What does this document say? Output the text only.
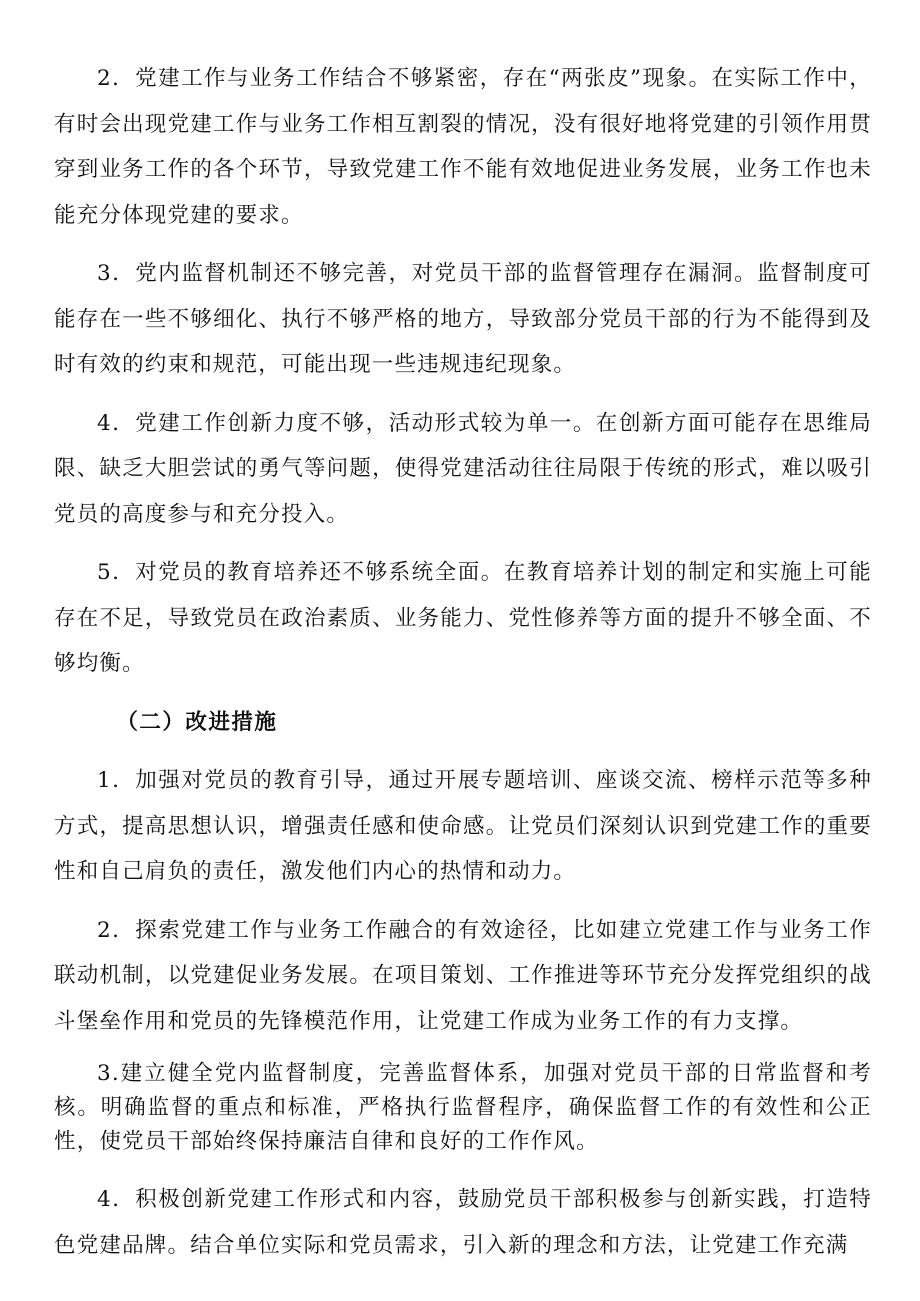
2．党建工作与业务工作结合不够紧密，存在“两张皮”现象。在实际工作中，有时会出现党建工作与业务工作相互割裂的情况，没有很好地将党建的引领作用贯穿到业务工作的各个环节，导致党建工作不能有效地促进业务发展，业务工作也未能充分体现党建的要求。

3．党内监督机制还不够完善，对党员干部的监督管理存在漏洞。监督制度可能存在一些不够细化、执行不够严格的地方，导致部分党员干部的行为不能得到及时有效的约束和规范，可能出现一些违规违纪现象。

4．党建工作创新力度不够，活动形式较为单一。在创新方面可能存在思维局限、缺乏大胆尝试的勇气等问题，使得党建活动往往局限于传统的形式，难以吸引党员的高度参与和充分投入。

5．对党员的教育培养还不够系统全面。在教育培养计划的制定和实施上可能存在不足，导致党员在政治素质、业务能力、党性修养等方面的提升不够全面、不够均衡。

（二）改进措施

1．加强对党员的教育引导，通过开展专题培训、座谈交流、榜样示范等多种方式，提高思想认识，增强责任感和使命感。让党员们深刻认识到党建工作的重要性和自己肩负的责任，激发他们内心的热情和动力。

2．探索党建工作与业务工作融合的有效途径，比如建立党建工作与业务工作联动机制，以党建促业务发展。在项目策划、工作推进等环节充分发挥党组织的战斗堡垒作用和党员的先锋模范作用，让党建工作成为业务工作的有力支撑。

3.建立健全党内监督制度，完善监督体系，加强对党员干部的日常监督和考核。明确监督的重点和标准，严格执行监督程序，确保监督工作的有效性和公正性，使党员干部始终保持廉洁自律和良好的工作作风。

4．积极创新党建工作形式和内容，鼓励党员干部积极参与创新实践，打造特色党建品牌。结合单位实际和党员需求，引入新的理念和方法，让党建工作充满
